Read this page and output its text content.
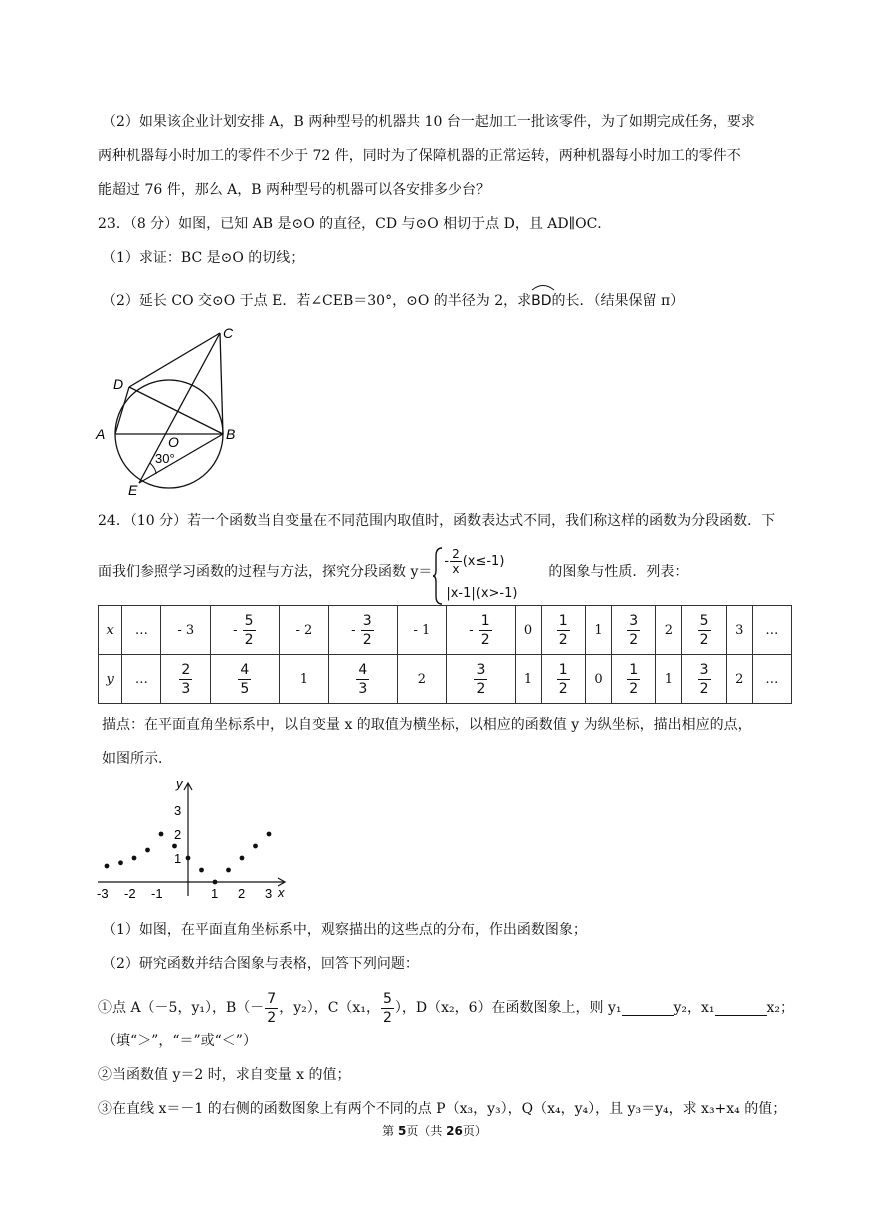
（2）如果该企业计划安排 A，B 两种型号的机器共 10 台一起加工一批该零件，为了如期完成任务，要求
两种机器每小时加工的零件不少于 72 件，同时为了保障机器的正常运转，两种机器每小时加工的零件不
能超过 76 件，那么 A，B 两种型号的机器可以各安排多少台？
23．（8 分）如图，已知 AB 是⊙O 的直径，CD 与⊙O 相切于点 D，且 AD∥OC．
（1）求证：BC 是⊙O 的切线；
（2）延长 CO 交⊙O 于点 E．若∠CEB＝30°，⊙O 的半径为 2，求
BD的长．（结果保留 π）
C
D
A	O	B
E
30°
24．（10 分）若一个函数当自变量在不同范围内取值时，函数表达式不同，我们称这样的函数为分段函数．下
面我们参照学习函数的过程与方法，探究分段函数 y＝
- $\frac{2}{x} (x\le-1)$
|x-1|(x>-1)
的图象与性质．列表：
x	…	- 3	- $\frac{5}{2}$	- 2	- $\frac{3}{2}$	- 1	- $\frac{1}{2}$	0	$\frac{1}{2}$	1	$\frac{3}{2}$	2	$\frac{5}{2}$	3	…
y	…	$\frac{2}{3}$	$\frac{4}{5}$	1	$\frac{4}{3}$	2	$\frac{3}{2}$	1	$\frac{1}{2}$	0	$\frac{1}{2}$	1	$\frac{3}{2}$	2	…
描点：在平面直角坐标系中，以自变量 x 的取值为横坐标，以相应的函数值 y 为纵坐标，描出相应的点，
如图所示．
x
y
-3 -2 -1	1 2 3
1
2
3
（1）如图，在平面直角坐标系中，观察描出的这些点的分布，作出函数图象；
（2）研究函数并结合图象与表格，回答下列问题：
①点 A（－5，y₁），$B(- \frac{7}{2}$ ，y₂），C（x₁， $\frac{5}{2}$ ），D（x₂，6）在函数图象上，则 y₁	y₂，x₁	x₂；
（填“＞”，“＝”或“＜”）
②当函数值 y＝2 时，求自变量 x 的值；
③在直线 x＝－1 的右侧的函数图象上有两个不同的点 P（x₃，y₃），Q（x₄，y₄），且 y₃＝y₄，求 x₃+x₄ 的值；
第 5页（共 26页）
